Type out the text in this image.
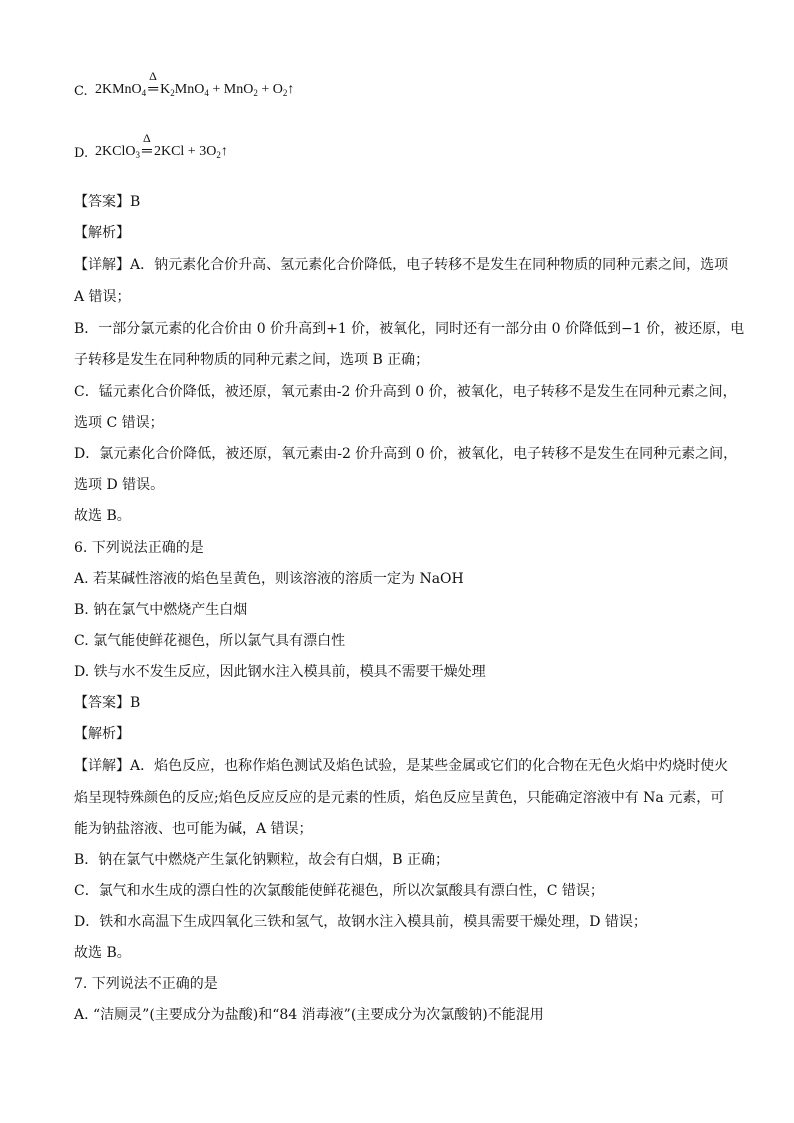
C. 2KMnO$_4$
Δ
═ $K_2MnO_4 + MnO_2$ + $O_2↑$
D. 2KClO$_3$
Δ
═ $2KCl + 3O_2↑$
【答案】B
【解析】
【详解】A．钠元素化合价升高、氢元素化合价降低，电子转移不是发生在同种物质的同种元素之间，选项
A 错误；
B．一部分氯元素的化合价由 0 价升高到+1 价，被氧化，同时还有一部分由 0 价降低到−1 价，被还原，电
子转移是发生在同种物质的同种元素之间，选项 B 正确；
C．锰元素化合价降低，被还原，氧元素由-2 价升高到 0 价，被氧化，电子转移不是发生在同种元素之间，
选项 C 错误；
D．氯元素化合价降低，被还原，氧元素由-2 价升高到 0 价，被氧化，电子转移不是发生在同种元素之间，
选项 D 错误。
故选 B。
6. 下列说法正确的是
A. 若某碱性溶液的焰色呈黄色，则该溶液的溶质一定为 NaOH
B. 钠在氯气中燃烧产生白烟
C. 氯气能使鲜花褪色，所以氯气具有漂白性
D. 铁与水不发生反应，因此钢水注入模具前，模具不需要干燥处理
【答案】B
【解析】
【详解】A．焰色反应，也称作焰色测试及焰色试验，是某些金属或它们的化合物在无色火焰中灼烧时使火
焰呈现特殊颜色的反应;焰色反应反应的是元素的性质，焰色反应呈黄色，只能确定溶液中有 Na 元素，可
能为钠盐溶液、也可能为碱，A 错误；
B．钠在氯气中燃烧产生氯化钠颗粒，故会有白烟，B 正确；
C．氯气和水生成的漂白性的次氯酸能使鲜花褪色，所以次氯酸具有漂白性，C 错误；
D．铁和水高温下生成四氧化三铁和氢气，故钢水注入模具前，模具需要干燥处理，D 错误；
故选 B。
7. 下列说法不正确的是
A. “洁厕灵”(主要成分为盐酸)和“84 消毒液”(主要成分为次氯酸钠)不能混用
